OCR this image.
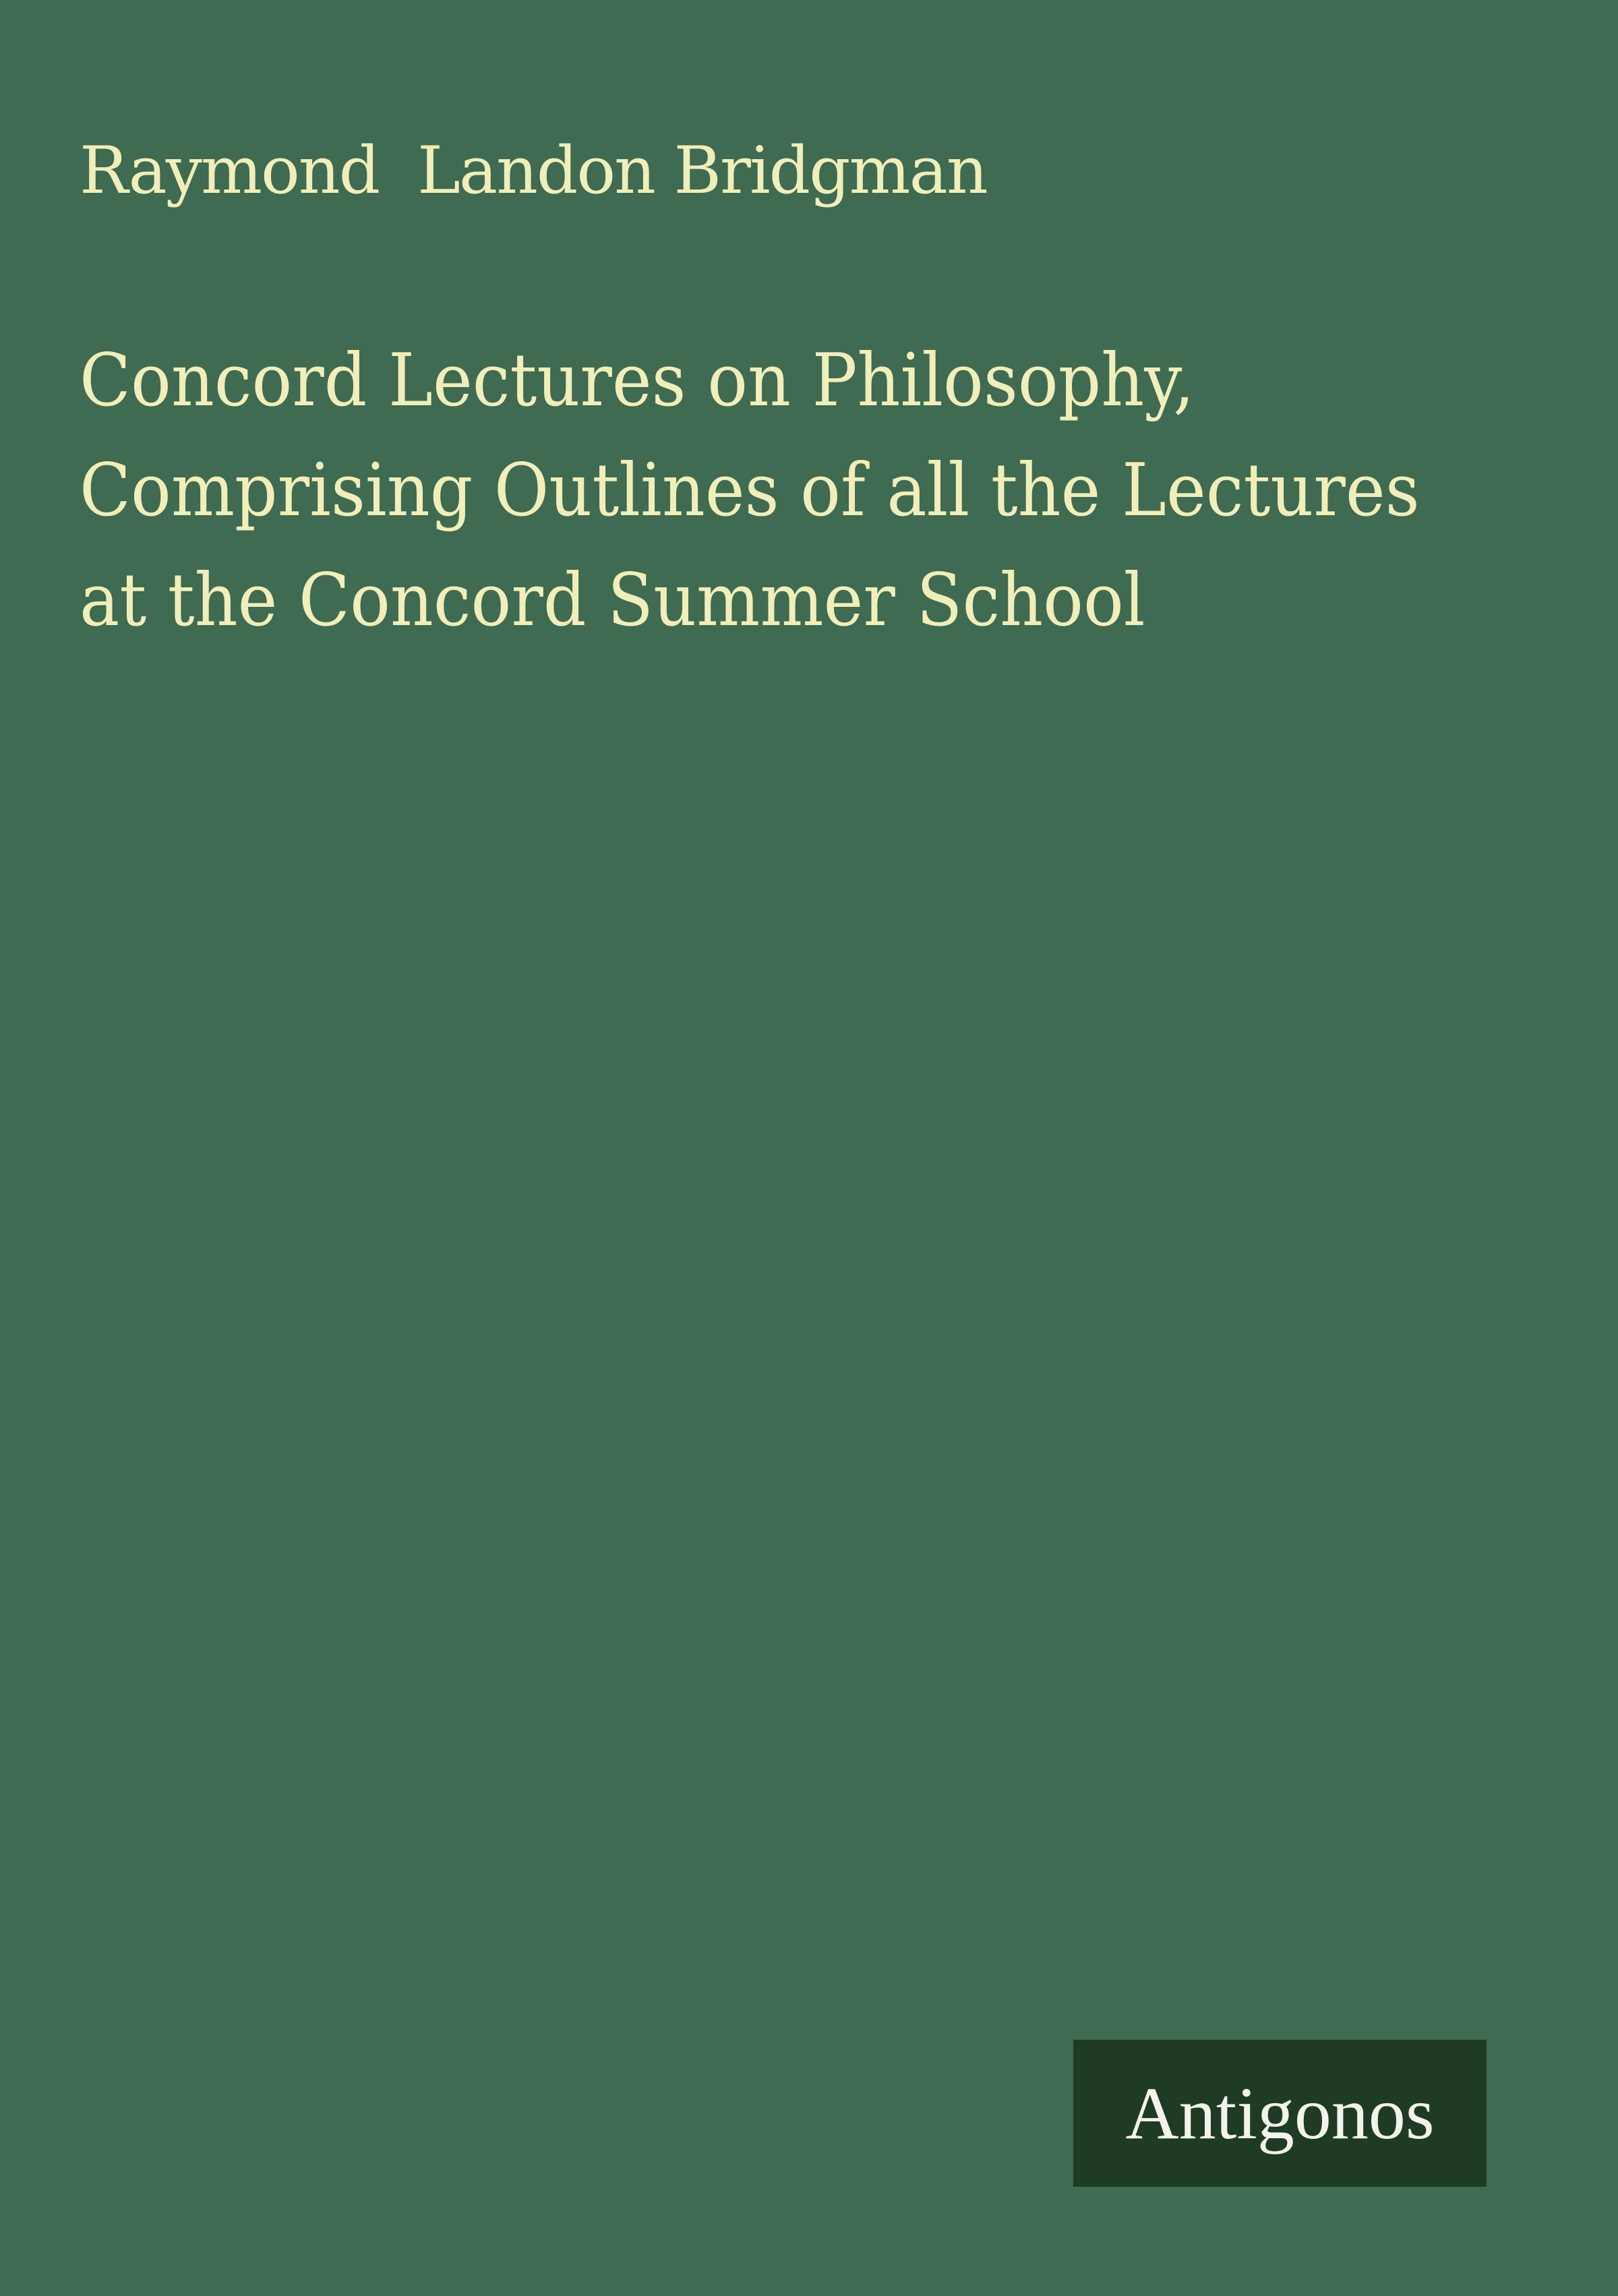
Raymond  Landon Bridgman
Concord Lectures on Philosophy,
Comprising Outlines of all the Lectures
at the Concord Summer School
Antigonos
